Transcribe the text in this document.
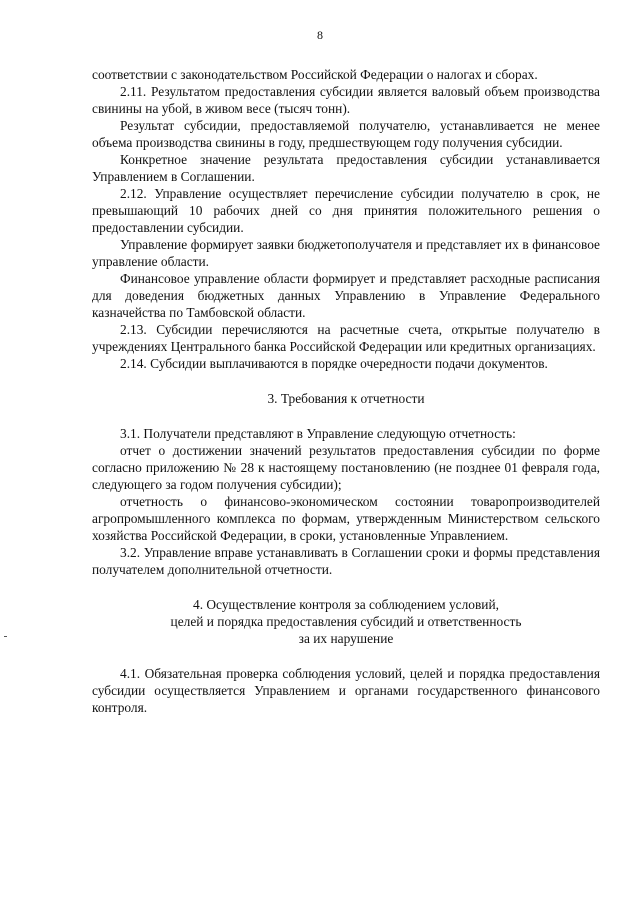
8

соответствии с законодательством Российской Федерации о налогах и сборах.

2.11. Результатом предоставления субсидии является валовый объем производства свинины на убой, в живом весе (тысяч тонн).

Результат субсидии, предоставляемой получателю, устанавливается не менее объема производства свинины в году, предшествующем году получения субсидии.

Конкретное значение результата предоставления субсидии устанавливается Управлением в Соглашении.

2.12. Управление осуществляет перечисление субсидии получателю в срок, не превышающий 10 рабочих дней со дня принятия положительного решения о предоставлении субсидии.

Управление формирует заявки бюджетополучателя и представляет их в финансовое управление области.

Финансовое управление области формирует и представляет расходные расписания для доведения бюджетных данных Управлению в Управление Федерального казначейства по Тамбовской области.

2.13. Субсидии перечисляются на расчетные счета, открытые получателю в учреждениях Центрального банка Российской Федерации или кредитных организациях.

2.14. Субсидии выплачиваются в порядке очередности подачи документов.

3. Требования к отчетности

3.1. Получатели представляют в Управление следующую отчетность:

отчет о достижении значений результатов предоставления субсидии по форме согласно приложению № 28 к настоящему постановлению (не позднее 01 февраля года, следующего за годом получения субсидии);

отчетность о финансово-экономическом состоянии товаропроизводителей агропромышленного комплекса по формам, утвержденным Министерством сельского хозяйства Российской Федерации, в сроки, установленные Управлением.

3.2. Управление вправе устанавливать в Соглашении сроки и формы представления получателем дополнительной отчетности.

4. Осуществление контроля за соблюдением условий,
целей и порядка предоставления субсидий и ответственность
за их нарушение

4.1. Обязательная проверка соблюдения условий, целей и порядка предоставления субсидии осуществляется Управлением и органами государственного финансового контроля.
